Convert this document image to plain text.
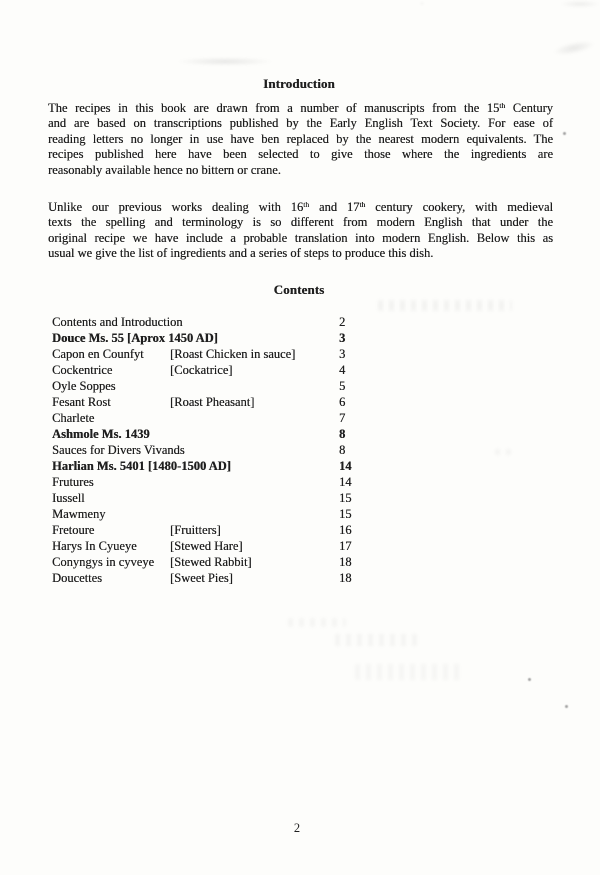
Introduction
The recipes in this book are drawn from a number of manuscripts from the 15th Century
and are based on transcriptions published by the Early English Text Society. For ease of
reading letters no longer in use have ben replaced by the nearest modern equivalents. The
recipes published here have been selected to give those where the ingredients are
reasonably available hence no bittern or crane.
Unlike our previous works dealing with 16th and 17th century cookery, with medieval
texts the spelling and terminology is so different from modern English that under the
original recipe we have include a probable translation into modern English. Below this as
usual we give the list of ingredients and a series of steps to produce this dish.
Contents
Contents and Introduction	2
Douce Ms. 55 [Aprox 1450 AD]	3
Capon en Counfyt [Roast Chicken in sauce]	3
Cockentrice	[Cockatrice]	4
Oyle Soppes	5
Fesant Rost	[Roast Pheasant]	6
Charlete	7
Ashmole Ms. 1439	8
Sauces for Divers Vivands	8
Harlian Ms. 5401 [1480-1500 AD]	14
Frutures	14
Iussell	15
Mawmeny	15
Fretoure	[Fruitters]	16
Harys In Cyueye	[Stewed Hare]	17
Conyngys in cyveye [Stewed Rabbit]	18
Doucettes	[Sweet Pies]	18
2
